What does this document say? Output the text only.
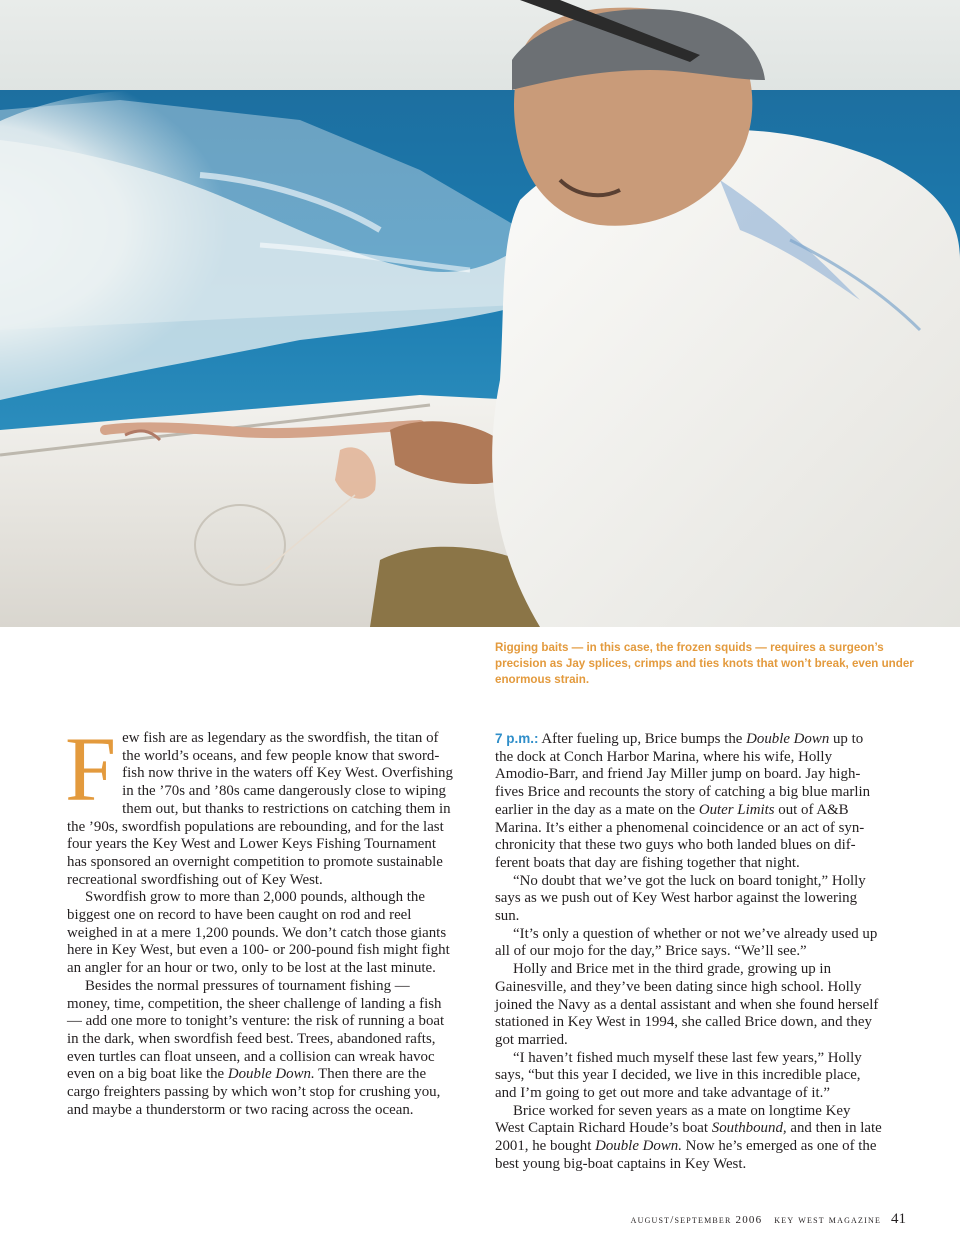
Rigging baits — in this case, the frozen squids — requires a surgeon’s precision as Jay splices, crimps and ties knots that won’t break, even under enormous strain.

Few fish are as legendary as the swordfish, the titan of the world’s oceans, and few people know that swordfish now thrive in the waters off Key West. Overfishing in the ’70s and ’80s came dangerously close to wiping them out, but thanks to restrictions on catching them in the ’90s, swordfish populations are rebounding, and for the last four years the Key West and Lower Keys Fishing Tournament has sponsored an overnight competition to promote sustainable recreational swordfishing out of Key West.

Swordfish grow to more than 2,000 pounds, although the biggest one on record to have been caught on rod and reel weighed in at a mere 1,200 pounds. We don’t catch those giants here in Key West, but even a 100- or 200-pound fish might fight an angler for an hour or two, only to be lost at the last minute.

Besides the normal pressures of tournament fishing — money, time, competition, the sheer challenge of landing a fish — add one more to tonight’s venture: the risk of running a boat in the dark, when swordfish feed best. Trees, abandoned rafts, even turtles can float unseen, and a collision can wreak havoc even on a big boat like the Double Down. Then there are the cargo freighters passing by which won’t stop for crushing you, and maybe a thunderstorm or two racing across the ocean.

7 p.m.: After fueling up, Brice bumps the Double Down up to the dock at Conch Harbor Marina, where his wife, Holly Amodio-Barr, and friend Jay Miller jump on board. Jay high-fives Brice and recounts the story of catching a big blue marlin earlier in the day as a mate on the Outer Limits out of A&B Marina. It’s either a phenomenal coincidence or an act of synchronicity that these two guys who both landed blues on different boats that day are fishing together that night.

“No doubt that we’ve got the luck on board tonight,” Holly says as we push out of Key West harbor against the lowering sun.

“It’s only a question of whether or not we’ve already used up all of our mojo for the day,” Brice says. “We’ll see.”

Holly and Brice met in the third grade, growing up in Gainesville, and they’ve been dating since high school. Holly joined the Navy as a dental assistant and when she found herself stationed in Key West in 1994, she called Brice down, and they got married.

“I haven’t fished much myself these last few years,” Holly says, “but this year I decided, we live in this incredible place, and I’m going to get out more and take advantage of it.”

Brice worked for seven years as a mate on longtime Key West Captain Richard Houde’s boat Southbound, and then in late 2001, he bought Double Down. Now he’s emerged as one of the best young big-boat captains in Key West.

august/september 2006 key west magazine 41
